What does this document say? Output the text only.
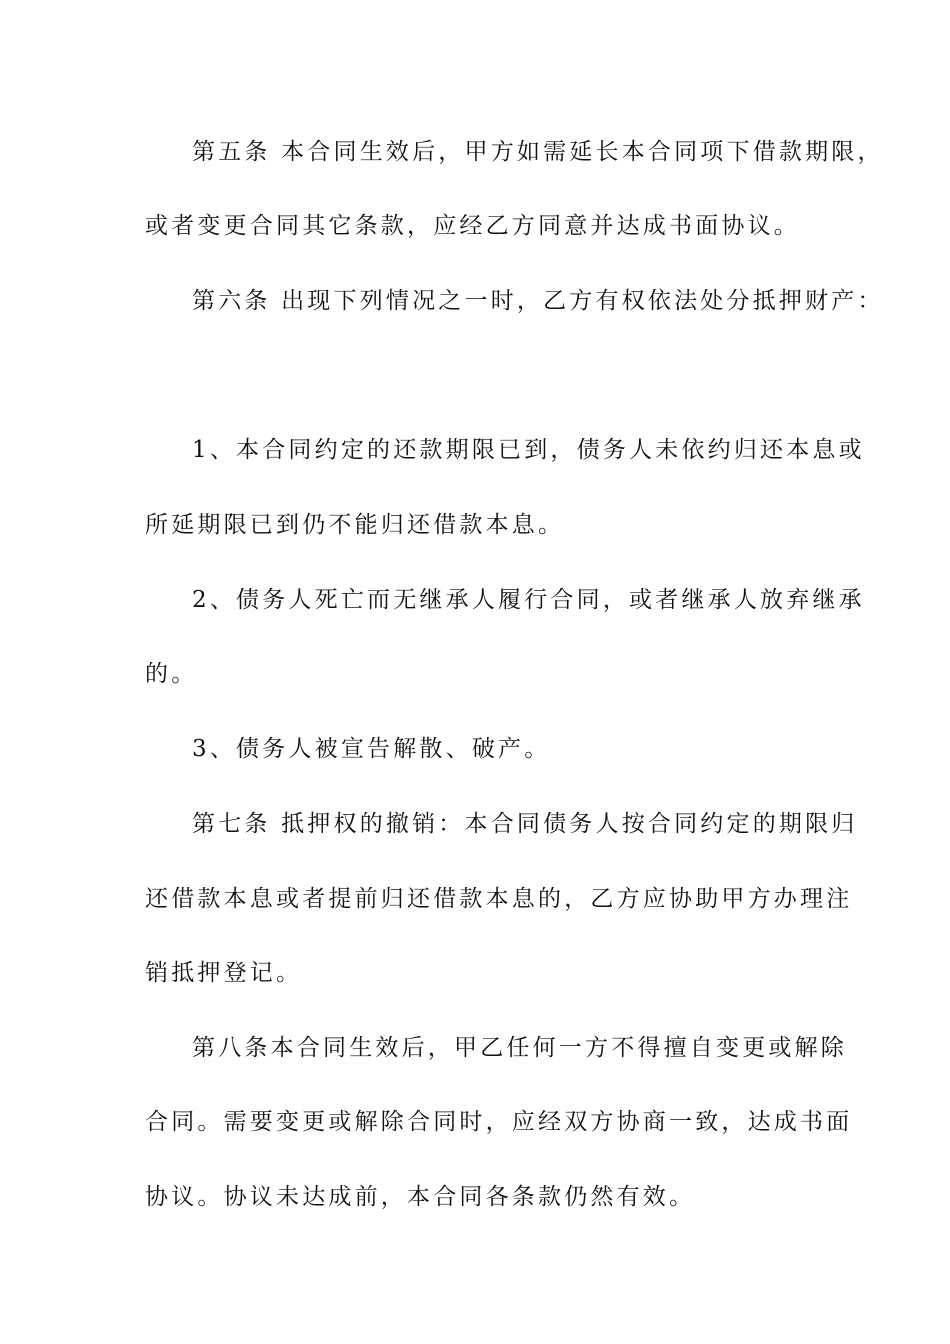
第五条 本合同生效后，甲方如需延长本合同项下借款期限，
或者变更合同其它条款，应经乙方同意并达成书面协议。
第六条 出现下列情况之一时，乙方有权依法处分抵押财产：
1、本合同约定的还款期限已到，债务人未依约归还本息或
所延期限已到仍不能归还借款本息。
2、债务人死亡而无继承人履行合同，或者继承人放弃继承
的。
3、债务人被宣告解散、破产。
第七条 抵押权的撤销：本合同债务人按合同约定的期限归
还借款本息或者提前归还借款本息的，乙方应协助甲方办理注
销抵押登记。
第八条本合同生效后，甲乙任何一方不得擅自变更或解除
合同。需要变更或解除合同时，应经双方协商一致，达成书面
协议。协议未达成前，本合同各条款仍然有效。
